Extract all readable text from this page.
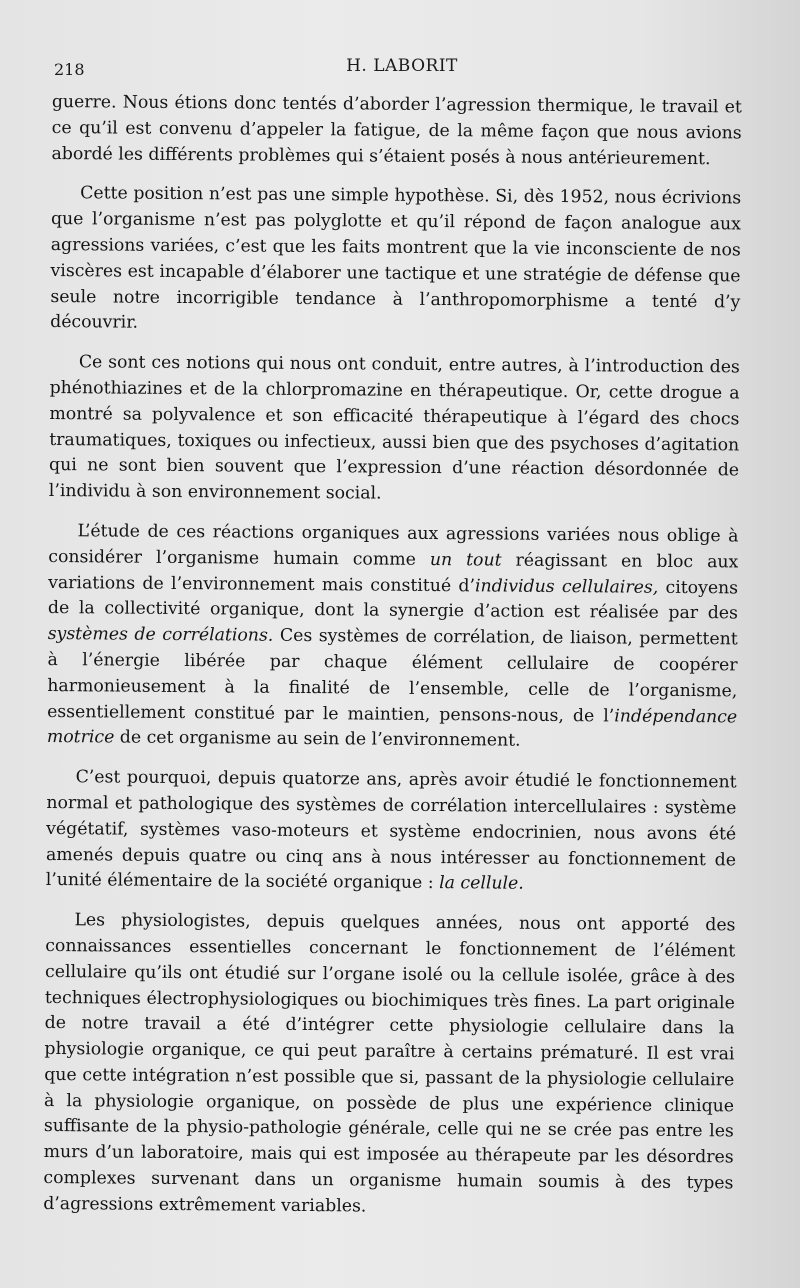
218	H. LABORIT

guerre. Nous étions donc tentés d’aborder l’agression thermique, le travail et ce qu’il est convenu d’appeler la fatigue, de la même façon que nous avions abordé les différents problèmes qui s’étaient posés à nous antérieurement.

Cette position n’est pas une simple hypothèse. Si, dès 1952, nous écrivions que l’organisme n’est pas polyglotte et qu’il répond de façon analogue aux agressions variées, c’est que les faits montrent que la vie inconsciente de nos viscères est incapable d’élaborer une tactique et une stratégie de défense que seule notre incorrigible tendance à l’anthropomorphisme a tenté d’y découvrir.

Ce sont ces notions qui nous ont conduit, entre autres, à l’introduction des phénothiazines et de la chlorpromazine en thérapeutique. Or, cette drogue a montré sa polyvalence et son efficacité thérapeutique à l’égard des chocs traumatiques, toxiques ou infectieux, aussi bien que des psychoses d’agitation qui ne sont bien souvent que l’expression d’une réaction désordonnée de l’individu à son environnement social.

L’étude de ces réactions organiques aux agressions variées nous oblige à considérer l’organisme humain comme un tout réagissant en bloc aux variations de l’environnement mais constitué d’individus cellulaires, citoyens de la collectivité organique, dont la synergie d’action est réalisée par des systèmes de corrélations. Ces systèmes de corrélation, de liaison, permettent à l’énergie libérée par chaque élément cellulaire de coopérer harmonieusement à la finalité de l’ensemble, celle de l’organisme, essentiellement constitué par le maintien, pensons-nous, de l’indépendance motrice de cet organisme au sein de l’environnement.

C’est pourquoi, depuis quatorze ans, après avoir étudié le fonctionnement normal et pathologique des systèmes de corrélation intercellulaires : système végétatif, systèmes vaso-moteurs et système endocrinien, nous avons été amenés depuis quatre ou cinq ans à nous intéresser au fonctionnement de l’unité élémentaire de la société organique : la cellule.

Les physiologistes, depuis quelques années, nous ont apporté des connaissances essentielles concernant le fonctionnement de l’élément cellulaire qu’ils ont étudié sur l’organe isolé ou la cellule isolée, grâce à des techniques électrophysiologiques ou biochimiques très fines. La part originale de notre travail a été d’intégrer cette physiologie cellulaire dans la physiologie organique, ce qui peut paraître à certains prématuré. Il est vrai que cette intégration n’est possible que si, passant de la physiologie cellulaire à la physiologie organique, on possède de plus une expérience clinique suffisante de la physio-pathologie générale, celle qui ne se crée pas entre les murs d’un laboratoire, mais qui est imposée au thérapeute par les désordres complexes survenant dans un organisme humain soumis à des types d’agressions extrêmement variables.
